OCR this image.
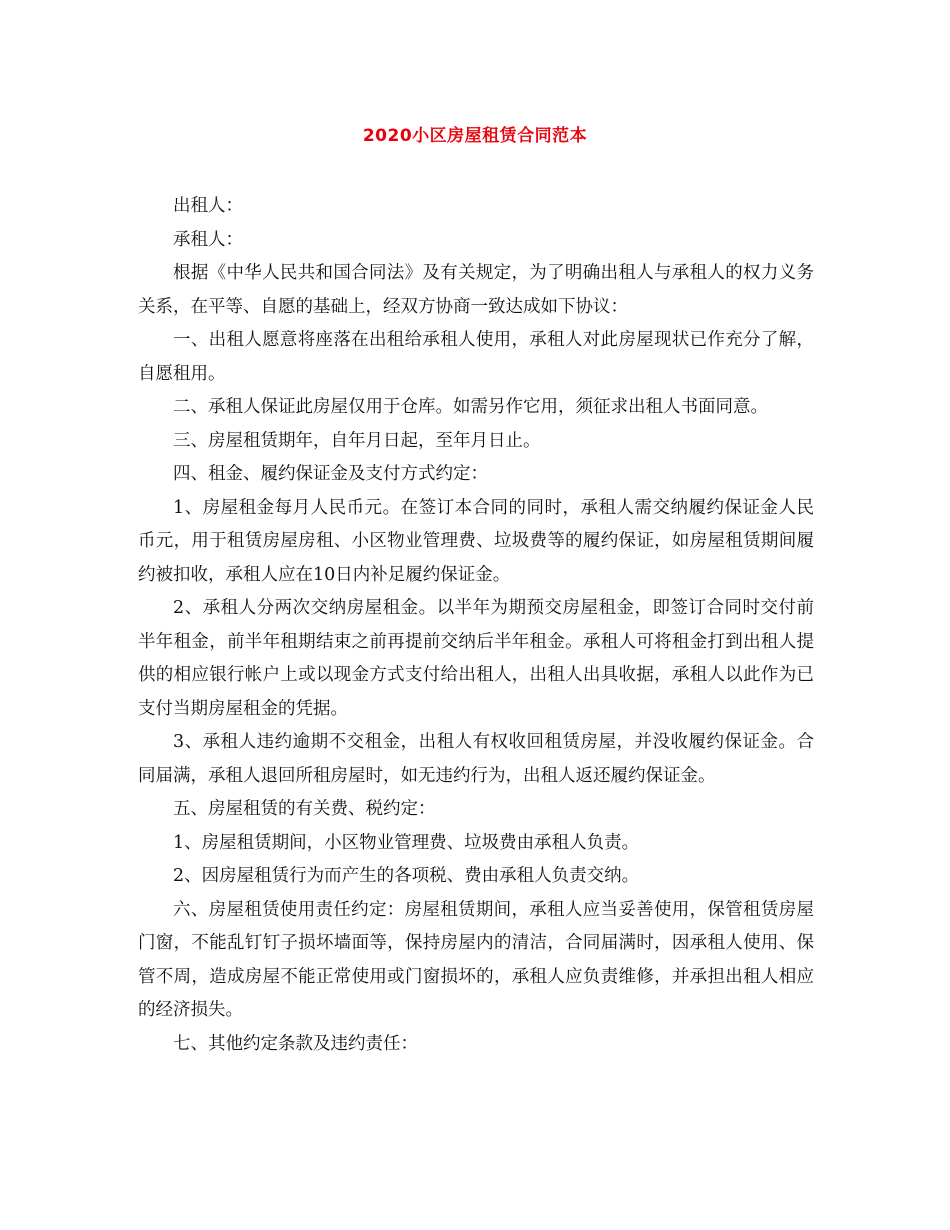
2020小区房屋租赁合同范本

出租人：

承租人：

根据《中华人民共和国合同法》及有关规定，为了明确出租人与承租人的权力义务关系，在平等、自愿的基础上，经双方协商一致达成如下协议：

一、出租人愿意将座落在出租给承租人使用，承租人对此房屋现状已作充分了解，自愿租用。

二、承租人保证此房屋仅用于仓库。如需另作它用，须征求出租人书面同意。

三、房屋租赁期年，自年月日起，至年月日止。

四、租金、履约保证金及支付方式约定：

1、房屋租金每月人民币元。在签订本合同的同时，承租人需交纳履约保证金人民币元，用于租赁房屋房租、小区物业管理费、垃圾费等的履约保证，如房屋租赁期间履约被扣收，承租人应在10日内补足履约保证金。

2、承租人分两次交纳房屋租金。以半年为期预交房屋租金，即签订合同时交付前半年租金，前半年租期结束之前再提前交纳后半年租金。承租人可将租金打到出租人提供的相应银行帐户上或以现金方式支付给出租人，出租人出具收据，承租人以此作为已支付当期房屋租金的凭据。

3、承租人违约逾期不交租金，出租人有权收回租赁房屋，并没收履约保证金。合同届满，承租人退回所租房屋时，如无违约行为，出租人返还履约保证金。

五、房屋租赁的有关费、税约定：

1、房屋租赁期间，小区物业管理费、垃圾费由承租人负责。

2、因房屋租赁行为而产生的各项税、费由承租人负责交纳。

六、房屋租赁使用责任约定：房屋租赁期间，承租人应当妥善使用，保管租赁房屋门窗，不能乱钉钉子损坏墙面等，保持房屋内的清洁，合同届满时，因承租人使用、保管不周，造成房屋不能正常使用或门窗损坏的，承租人应负责维修，并承担出租人相应的经济损失。

七、其他约定条款及违约责任：
